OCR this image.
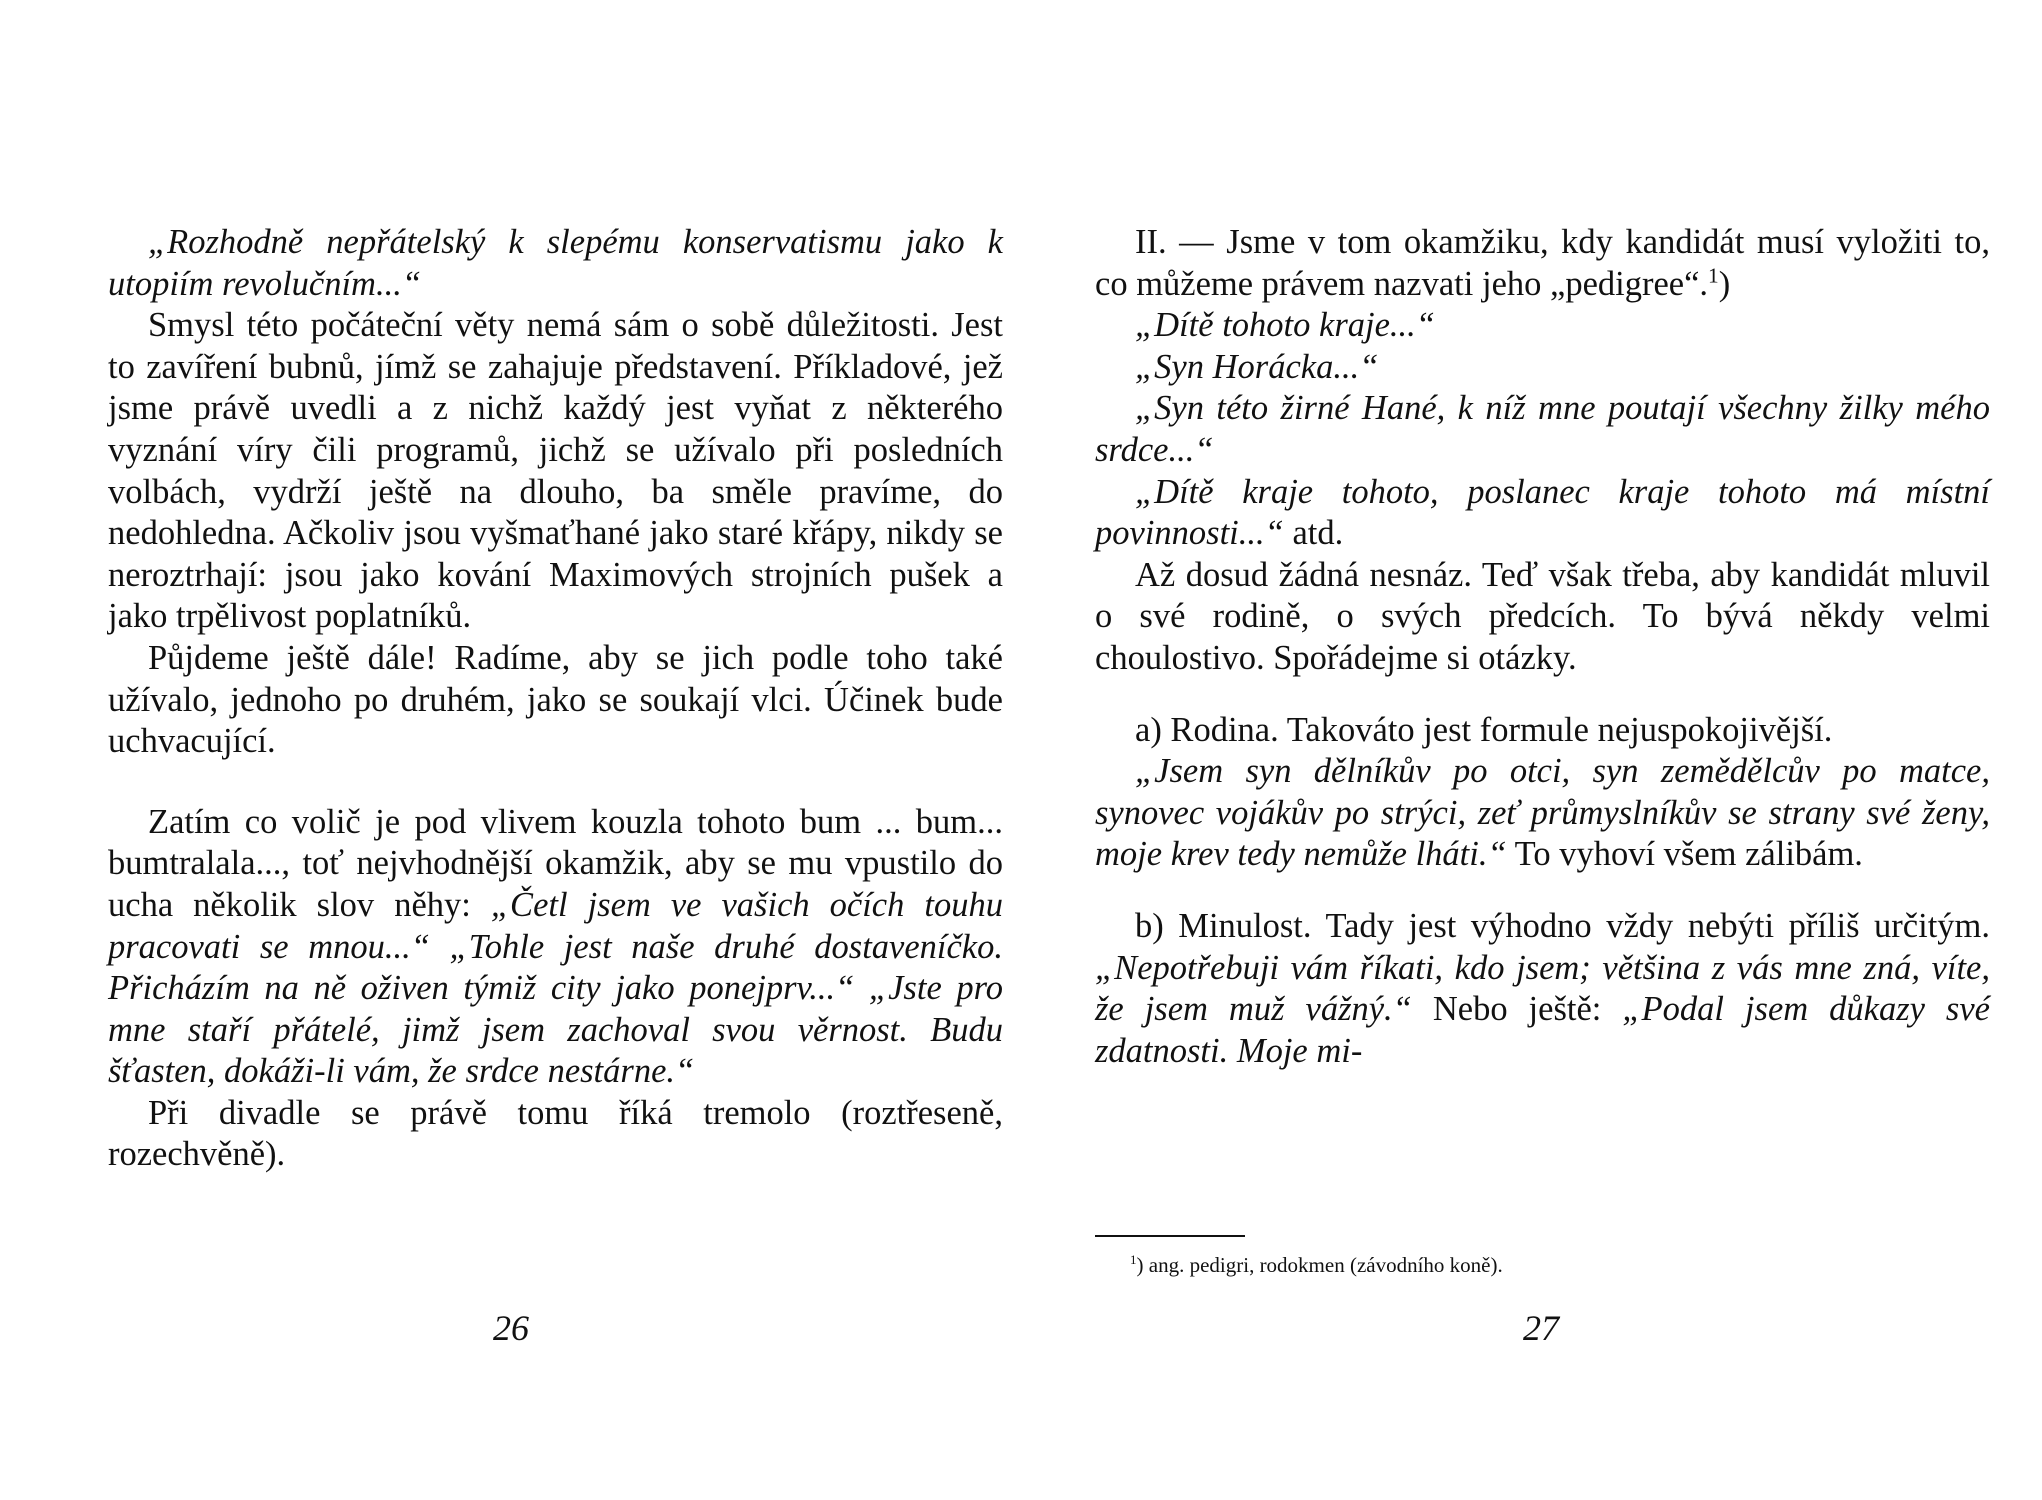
„Rozhodně nepřátelský k slepému konservatismu jako k utopiím revolučním...“

Smysl této počáteční věty nemá sám o sobě důležitosti. Jest to zavíření bubnů, jímž se zahajuje představení. Příkladové, jež jsme právě uvedli a z nichž každý jest vyňat z některého vyznání víry čili programů, jichž se užívalo při posledních volbách, vydrží ještě na dlouho, ba směle pravíme, do nedohledna. Ačkoliv jsou vyšmaťhané jako staré křápy, nikdy se neroztrhají: jsou jako kování Maximových strojních pušek a jako trpělivost poplatníků.

Půjdeme ještě dále! Radíme, aby se jich podle toho také užívalo, jednoho po druhém, jako se soukají vlci. Účinek bude uchvacující.

Zatím co volič je pod vlivem kouzla tohoto bum ... bum... bumtralala..., toť nejvhodnější okamžik, aby se mu vpustilo do ucha několik slov něhy: „Četl jsem ve vašich očích touhu pracovati se mnou...“ „Tohle jest naše druhé dostaveníčko. Přicházím na ně oživen týmiž city jako ponejprv...“ „Jste pro mne staří přátelé, jimž jsem zachoval svou věrnost. Budu šťasten, dokáži-li vám, že srdce nestárne.“

Při divadle se právě tomu říká tremolo (roztřeseně, rozechvěně).

26

II. — Jsme v tom okamžiku, kdy kandidát musí vyložiti to, co můžeme právem nazvati jeho „pedigree“.$^1$)

„Dítě tohoto kraje...“

„Syn Horácka...“

„Syn této žirné Hané, k níž mne poutají všechny žilky mého srdce...“

„Dítě kraje tohoto, poslanec kraje tohoto má místní povinnosti...“ atd.

Až dosud žádná nesnáz. Teď však třeba, aby kandidát mluvil o své rodině, o svých předcích. To bývá někdy velmi choulostivo. Spořádejme si otázky.

a) Rodina. Takováto jest formule nejuspokojivější.

„Jsem syn dělníkův po otci, syn zemědělcův po matce, synovec vojákův po strýci, zeť průmyslníkův se strany své ženy, moje krev tedy nemůže lháti.“ To vyhoví všem zálibám.

b) Minulost. Tady jest výhodno vždy nebýti příliš určitým. „Nepotřebuji vám říkati, kdo jsem; většina z vás mne zná, víte, že jsem muž vážný.“ Nebo ještě: „Podal jsem důkazy své zdatnosti. Moje mi-

$^1$) ang. pedigri, rodokmen (závodního koně).
27
